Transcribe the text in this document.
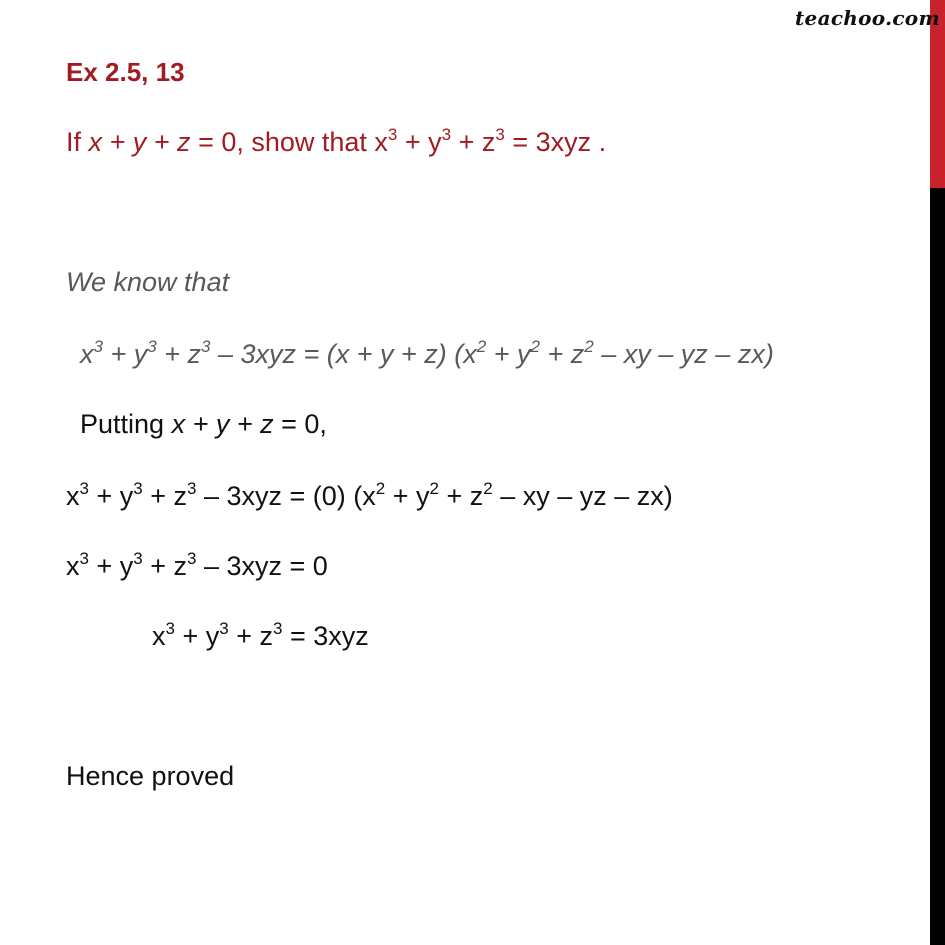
teachoo.com
Ex 2.5, 13
If x + y + z = 0, show that $x^3 + y^3 + z^3 = 3xyz$ .
We know that
$x^3 + y^3 + z^3 - 3xyz = (x + y + z) (x^2 + y^2 + z^2$ – xy – yz – zx)
Putting x + y + z = 0,
$x^3 + y^3 + z^3 - 3xyz = (0) (x^2 + y^2 + z^2$ – xy – yz – zx)
$x^3 + y^3 + z^3 - 3xyz = 0$
$x^3 + y^3 + z^3 = 3xyz$
Hence proved
